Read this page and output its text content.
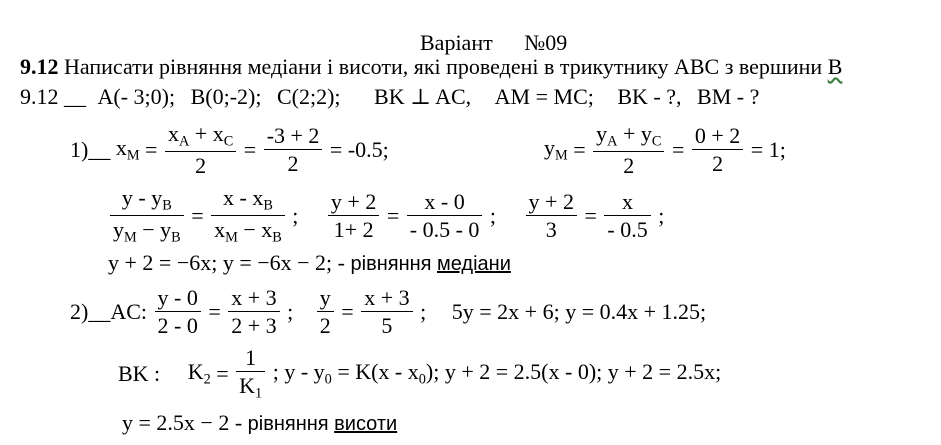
Варіант №09
9.12 Написати рівняння медіани і висоти, які проведені в трикутнику АВС з вершини В
9.12 __ A(- 3;0); B(0;-2); C(2;2); BK ⊥ AC, AM = MC; BK - ?, BM - ?
1)__ $x_M = \frac{x_A + x_C}{2} = \frac{-3 + 2}{2} = -0.5$;	$y_M = \frac{y_A + y_C}{2} = \frac{0 + 2}{2} = 1$;
$\frac{y - y_B}{y_M - y_B} = \frac{x - x_B}{x_M - x_B}$ ; $\frac{y + 2}{1+ 2} = \frac{x - 0}{- 0.5 - 0}$ ; $\frac{y + 2}{3} = \frac{x}{- 0.5}$ ;
y + 2 = −6x; y = −6x − 2; - рівняння медіани
2)__AC: $\frac{y - 0}{2 - 0} = \frac{x + 3}{2 + 3}$ ; $\frac{y}{2} = \frac{x + 3}{5}$ ; 5y = 2x + 6; y = 0.4x + 1.25;
BK : $K_2 = \frac{1}{K_1}$ ; $y - y_0 = K(x - x_0)$; y + 2 = 2.5(x - 0); y + 2 = 2.5x;
y = 2.5x − 2 - рівняння висоти
